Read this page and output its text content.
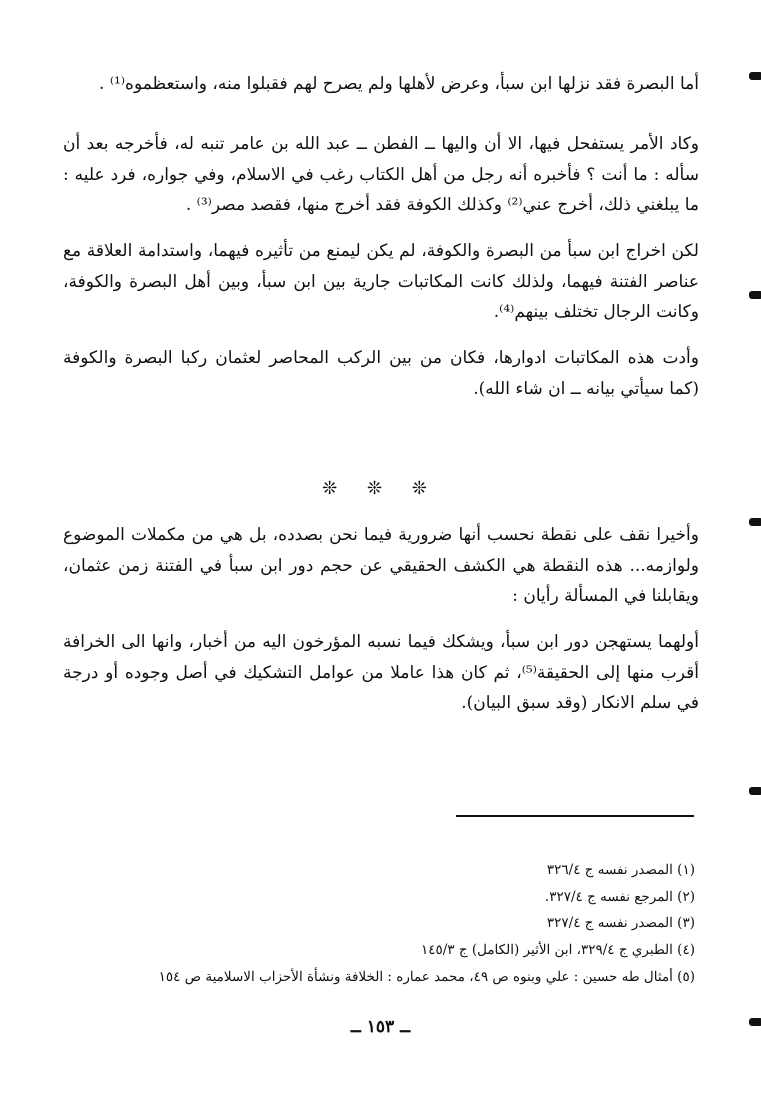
أما البصرة فقد نزلها ابن سبأ، وعرض لأهلها ولم يصرح لهم فقبلوا منه، واستعظموه⁽¹⁾ .

وكاد الأمر يستفحل فيها، الا أن واليها ــ الفطن ــ عبد الله بن عامر تنبه له، فأخرجه بعد أن سأله : ما أنت ؟ فأخبره أنه رجل من أهل الكتاب رغب في الاسلام، وفي جواره، فرد عليه : ما يبلغني ذلك، أخرج عني⁽²⁾ وكذلك الكوفة فقد أخرج منها، فقصد مصر⁽³⁾ .

لكن اخراج ابن سبأ من البصرة والكوفة، لم يكن ليمنع من تأثيره فيهما، واستدامة العلاقة مع عناصر الفتنة فيهما، ولذلك كانت المكاتبات جارية بين ابن سبأ، وبين أهل البصرة والكوفة، وكانت الرجال تختلف بينهم⁽⁴⁾.

وأدت هذه المكاتبات ادوارها، فكان من بين الركب المحاصر لعثمان ركبا البصرة والكوفة (كما سيأتي بيانه ــ ان شاء الله).

❊ ❊ ❊

وأخيرا نقف على نقطة نحسب أنها ضرورية فيما نحن بصدده، بل هي من مكملات الموضوع ولوازمه... هذه النقطة هي الكشف الحقيقي عن حجم دور ابن سبأ في الفتنة زمن عثمان، ويقابلنا في المسألة رأيان :

أولهما يستهجن دور ابن سبأ، ويشكك فيما نسبه المؤرخون اليه من أخبار، وانها الى الخرافة أقرب منها إلى الحقيقة⁽⁵⁾، ثم كان هذا عاملا من عوامل التشكيك في أصل وجوده أو درجة في سلم الانكار (وقد سبق البيان).

(١) المصدر نفسه ج ٣٢٦/٤
(٢) المرجع نفسه ج ٣٢٧/٤.
(٣) المصدر نفسه ج ٣٢٧/٤
(٤) الطبري ج ٣٢٩/٤، ابن الأثير (الكامل) ج ١٤٥/٣
(٥) أمثال طه حسين : علي وبنوه ص ٤٩، محمد عماره : الخلافة ونشأة الأحزاب الاسلامية ص ١٥٤
ــ ١٥٣ ــ
